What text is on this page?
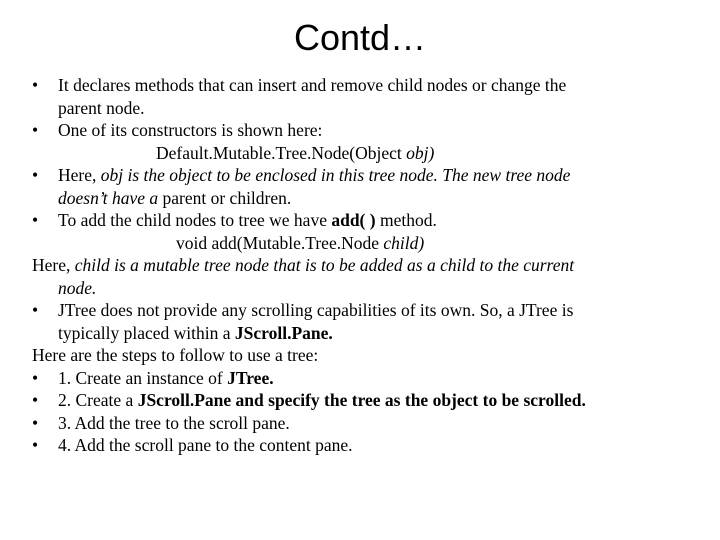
Contd…
• It declares methods that can insert and remove child nodes or change the
parent node.
• One of its constructors is shown here:
Default.Mutable.Tree.Node(Object obj)
• Here, obj is the object to be enclosed in this tree node. The new tree node
doesn’t have a parent or children.
• To add the child nodes to tree we have add( ) method.
void add(Mutable.Tree.Node child)
Here, child is a mutable tree node that is to be added as a child to the current
node.
• JTree does not provide any scrolling capabilities of its own. So, a JTree is
typically placed within a JScroll.Pane.
Here are the steps to follow to use a tree:
• 1. Create an instance of JTree.
• 2. Create a JScroll.Pane and specify the tree as the object to be scrolled.
• 3. Add the tree to the scroll pane.
• 4. Add the scroll pane to the content pane.
